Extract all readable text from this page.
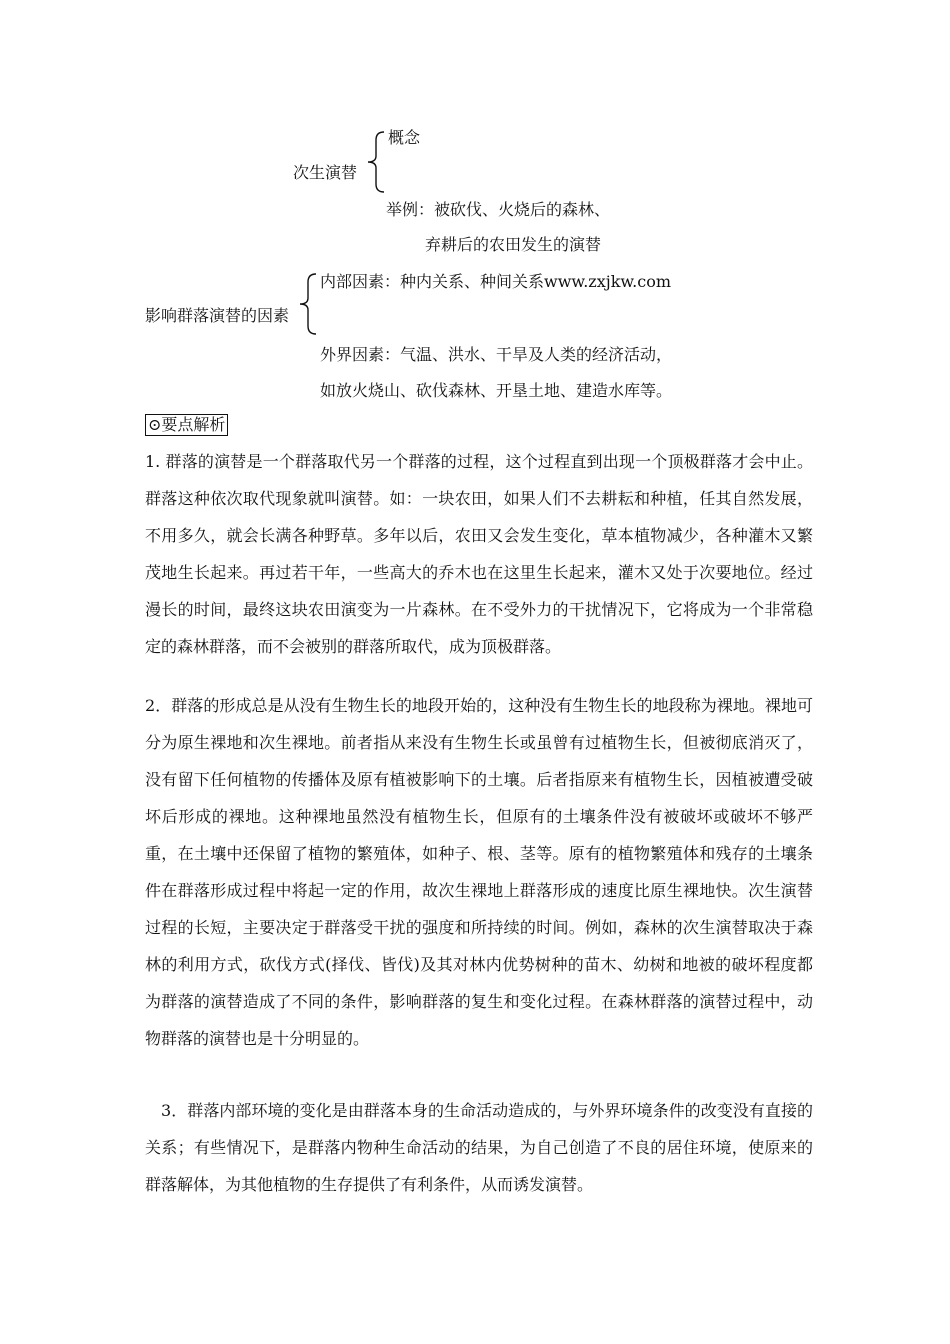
次生演替
概念
举例：被砍伐、火烧后的森林、
弃耕后的农田发生的演替
影响群落演替的因素
内部因素：种内关系、种间关系www.zxjkw.com
外界因素：气温、洪水、干旱及人类的经济活动，
如放火烧山、砍伐森林、开垦土地、建造水库等。
⊙要点解析
1. 群落的演替是一个群落取代另一个群落的过程，这个过程直到出现一个顶极群落才会中止。群落这种依次取代现象就叫演替。如：一块农田，如果人们不去耕耘和种植，任其自然发展，不用多久，就会长满各种野草。多年以后，农田又会发生变化，草本植物减少，各种灌木又繁茂地生长起来。再过若干年，一些高大的乔木也在这里生长起来，灌木又处于次要地位。经过漫长的时间，最终这块农田演变为一片森林。在不受外力的干扰情况下，它将成为一个非常稳定的森林群落，而不会被别的群落所取代，成为顶极群落。
2．群落的形成总是从没有生物生长的地段开始的，这种没有生物生长的地段称为裸地。裸地可分为原生裸地和次生裸地。前者指从来没有生物生长或虽曾有过植物生长，但被彻底消灭了，没有留下任何植物的传播体及原有植被影响下的土壤。后者指原来有植物生长，因植被遭受破坏后形成的裸地。这种裸地虽然没有植物生长，但原有的土壤条件没有被破坏或破坏不够严重，在土壤中还保留了植物的繁殖体，如种子、根、茎等。原有的植物繁殖体和残存的土壤条件在群落形成过程中将起一定的作用，故次生裸地上群落形成的速度比原生裸地快。次生演替过程的长短，主要决定于群落受干扰的强度和所持续的时间。例如，森林的次生演替取决于森林的利用方式，砍伐方式(择伐、皆伐)及其对林内优势树种的苗木、幼树和地被的破坏程度都为群落的演替造成了不同的条件，影响群落的复生和变化过程。在森林群落的演替过程中，动物群落的演替也是十分明显的。
3．群落内部环境的变化是由群落本身的生命活动造成的，与外界环境条件的改变没有直接的关系；有些情况下，是群落内物种生命活动的结果，为自己创造了不良的居住环境，使原来的群落解体，为其他植物的生存提供了有利条件，从而诱发演替。
